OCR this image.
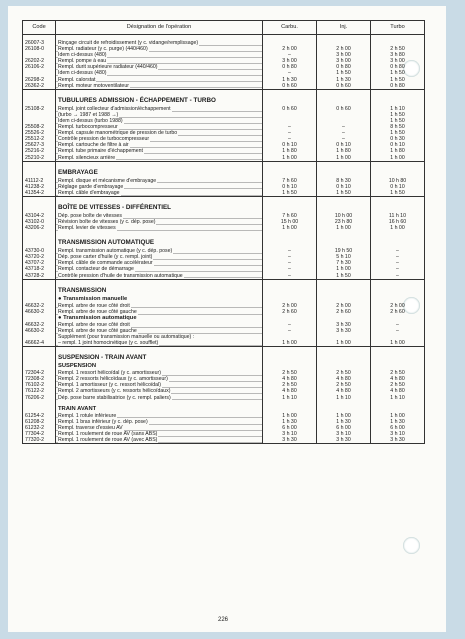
Code	Désignation de l'opération	Carbu.	Inj.	Turbo

26007-3	Rinçage circuit de refroidissement (y c. vidange/remplissage)			
26108-0	Rempl. radiateur (y c. purge) (440/460)	2 h 00	2 h 00	2 h 50
	Idem ci-dessus (480)	–	3 h 00	3 h 80
26202-2	Rempl. pompe à eau	3 h 00	3 h 00	3 h 00
26106-2	Rempl. durit supérieure radiateur (440/460)	0 h 80	0 h 80	0 h 80
	Idem ci-dessus (480)	–	1 h 50	1 h 50
26298-2	Rempl. calorstat	1 h 30	1 h 30	1 h 50
26362-2	Rempl. moteur motoventilateur	0 h 60	0 h 60	0 h 80

	TUBULURES ADMISSION - ÉCHAPPEMENT - TURBO			
25108-2	Rempl. joint collecteur d'admission/échappement	0 h 60	0 h 60	1 h 10
	(turbo → 1987 et 1988 →)			1 h 50
	Idem ci-dessus (turbo 1988)			1 h 50
25508-2	Rempl. turbocompresseur	–	–	8 h 50
25526-2	Rempl. capsule manométrique de pression de turbo	–	–	1 h 50
25512-2	Contrôle pression de turbocompresseur	–	–	0 h 30
25627-3	Rempl. cartouche de filtre à air	0 h 10	0 h 10	0 h 10
25216-2	Rempl. tube primaire d'échappement	1 h 80	1 h 80	1 h 80
25210-2	Rempl. silencieux arrière	1 h 00	1 h 00	1 h 00

	EMBRAYAGE			
41112-2	Rempl. disque et mécanisme d'embrayage	7 h 60	8 h 30	10 h 80
41238-2	Réglage garde d'embrayage	0 h 10	0 h 10	0 h 10
41354-2	Rempl. câble d'embrayage	1 h 50	1 h 50	1 h 50

	BOÎTE DE VITESSES - DIFFÉRENTIEL			
43104-2	Dép. pose boîte de vitesses	7 h 60	10 h 00	11 h 10
43102-0	Révision boîte de vitesses (y c. dép. pose)	15 h 00	23 h 80	16 h 60
43206-2	Rempl. levier de vitesses	1 h 00	1 h 00	1 h 00

	TRANSMISSION AUTOMATIQUE			
43730-0	Rempl. transmission automatique (y c. dép. pose)	–	19 h 50	–
43720-2	Dép. pose carter d'huile (y c. rempl. joint)	–	5 h 10	–
43707-2	Rempl. câble de commande accélérateur	–	7 h 30	–
43718-2	Rempl. contacteur de démarrage	–	1 h 00	–
43728-2	Contrôle pression d'huile de transmission automatique	–	1 h 50	–

	TRANSMISSION			
	● Transmission manuelle			
46632-2	Rempl. arbre de roue côté droit	2 h 00	2 h 00	2 h 00
46630-2	Rempl. arbre de roue côté gauche	2 h 60	2 h 60	2 h 60
	● Transmission automatique			
46632-2	Rempl. arbre de roue côté droit	–	3 h 30	–
46630-2	Rempl. arbre de roue côté gauche	–	3 h 30	–
	Supplément (pour transmission manuelle ou automatique) :			
46662-4	– rempl. 1 joint homocinétique (y c. soufflet)	1 h 00	1 h 00	1 h 00

	SUSPENSION - TRAIN AVANT			
	SUSPENSION			
72304-2	Rempl. 1 ressort hélicoïdal (y c. amortisseur)	2 h 50	2 h 50	2 h 50
72308-2	Rempl. 2 ressorts hélicoïdaux (y c. amortisseur)	4 h 80	4 h 80	4 h 80
76102-2	Rempl. 1 amortisseur (y c. ressort hélicoïdal)	2 h 50	2 h 50	2 h 50
76122-2	Rempl. 2 amortisseurs (y c. ressorts hélicoïdaux)	4 h 80	4 h 80	4 h 80
76206-2	Dép. pose barre stabilisatrice (y c. rempl. paliers)	1 h 10	1 h 10	1 h 10

	TRAIN AVANT			
61254-2	Rempl. 1 rotule inférieure	1 h 00	1 h 00	1 h 00
61208-2	Rempl. 1 bras inférieur (y c. dép. pose)	1 h 30	1 h 30	1 h 30
61232-2	Rempl. traverse d'essieu AV	6 h 00	6 h 00	6 h 00
77304-2	Rempl. 1 roulement de roue AV (sans ABS)	3 h 10	3 h 10	3 h 10
77320-2	Rempl. 1 roulement de roue AV (avec ABS)	3 h 30	3 h 30	3 h 30
226
